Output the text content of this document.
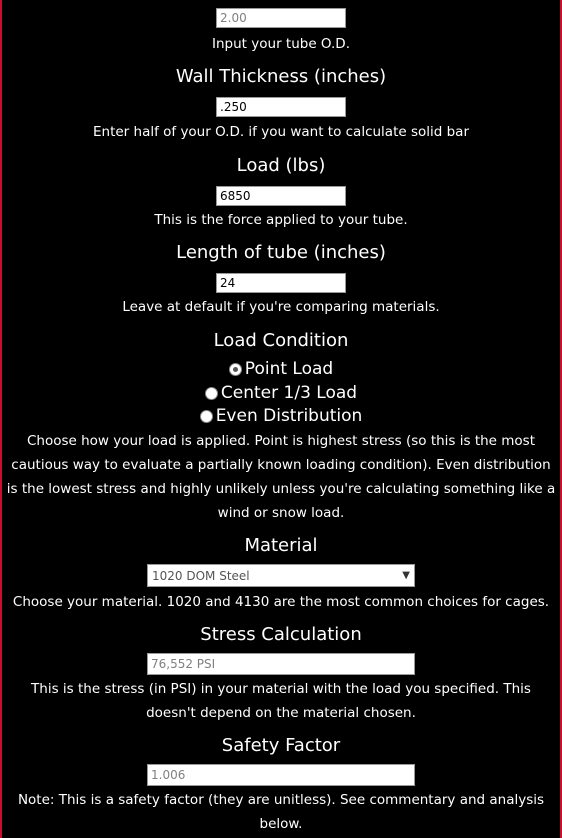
2.00

Input your tube O.D.

Wall Thickness (inches)
.250

Enter half of your O.D. if you want to calculate solid bar

Load (lbs)
6850

This is the force applied to your tube.

Length of tube (inches)
24

Leave at default if you're comparing materials.

Load Condition
Point Load
Center 1/3 Load
Even Distribution

Choose how your load is applied. Point is highest stress (so this is the most

cautious way to evaluate a partially known loading condition). Even distribution

is the lowest stress and highly unlikely unless you're calculating something like a

wind or snow load.

Material
1020 DOM Steel	▼

Choose your material. 1020 and 4130 are the most common choices for cages.

Stress Calculation
76,552 PSI

This is the stress (in PSI) in your material with the load you specified. This

doesn't depend on the material chosen.

Safety Factor
1.006

Note: This is a safety factor (they are unitless). See commentary and analysis

below.
